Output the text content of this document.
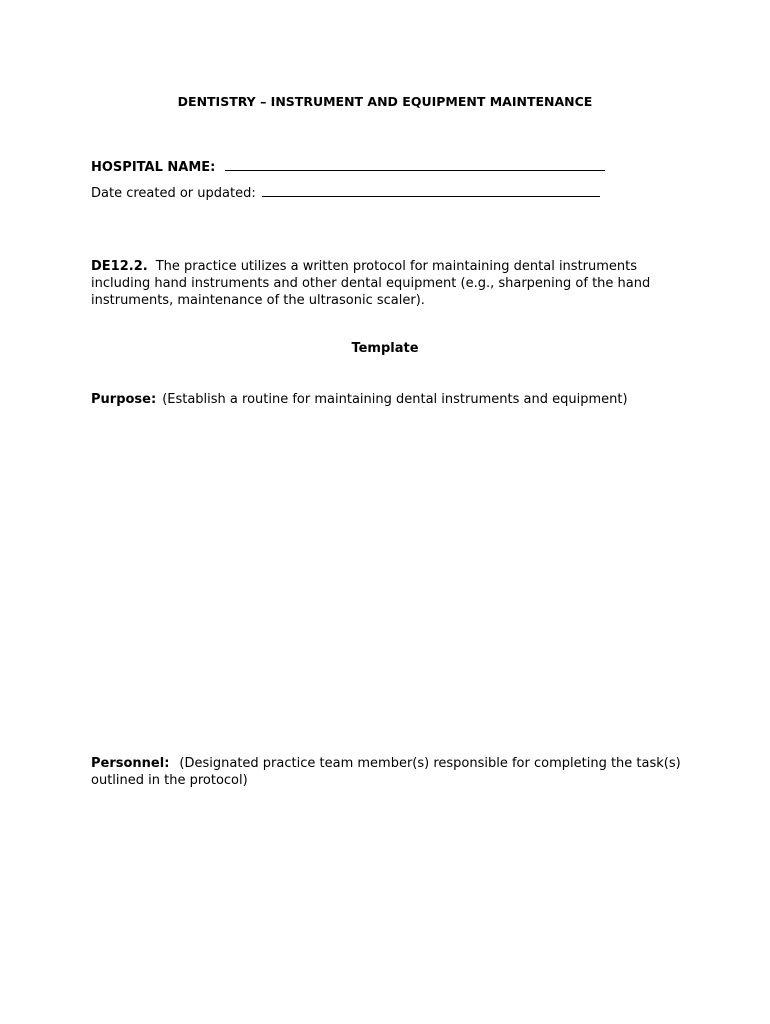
DENTISTRY – INSTRUMENT AND EQUIPMENT MAINTENANCE
HOSPITAL NAME:
Date created or updated:
DE12.2. The practice utilizes a written protocol for maintaining dental instruments including hand instruments and other dental equipment (e.g., sharpening of the hand instruments, maintenance of the ultrasonic scaler).
Template
Purpose: (Establish a routine for maintaining dental instruments and equipment)
Personnel: (Designated practice team member(s) responsible for completing the task(s) outlined in the protocol)
